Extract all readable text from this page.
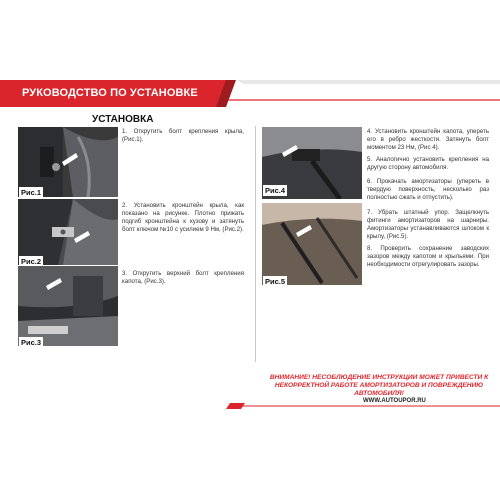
РУКОВОДСТВО ПО УСТАНОВКЕ
УСТАНОВКА
Рис.1
Рис.2
Рис.3
1. Открутить болт крепления крыла, (Рис.1).
2. Установить кронштейн крыла, как показано на рисунке. Плотно прижать подгиб кронштейна к кузову и затянуть болт ключом №10 с усилием 9 Нм, (Рис.2).
3. Открутить верхний болт крепления капота, (Рис.3).
Рис.4
Рис.5
4. Установить кронштейн капота, упереть его в ребро жесткости. Затянуть болт моментом 23 Нм, (Рис 4).
5. Аналогично установить крепления на другую сторону автомобиля.
6. Прокачать амортизаторы (упереть в твердую поверхность, несколько раз полностью сжать и отпустить).
7. Убрать штатный упор. Защелкнуть фитинги амортизаторов на шарниры. Амортизаторы устанавливаются шлоком к крылу, (Рис.5).
8. Проверить сохранение заводских зазоров между капотом и крыльями. При необходимости отрегулировать зазоры.
ВНИМАНИЕ! НЕСОБЛЮДЕНИЕ ИНСТРУКЦИИ МОЖЕТ ПРИВЕСТИ К
НЕКОРРЕКТНОЙ РАБОТЕ АМОРТИЗАТОРОВ И ПОВРЕЖДЕНИЮ
АВТОМОБИЛЯ!
WWW.AUTOUPOR.RU
